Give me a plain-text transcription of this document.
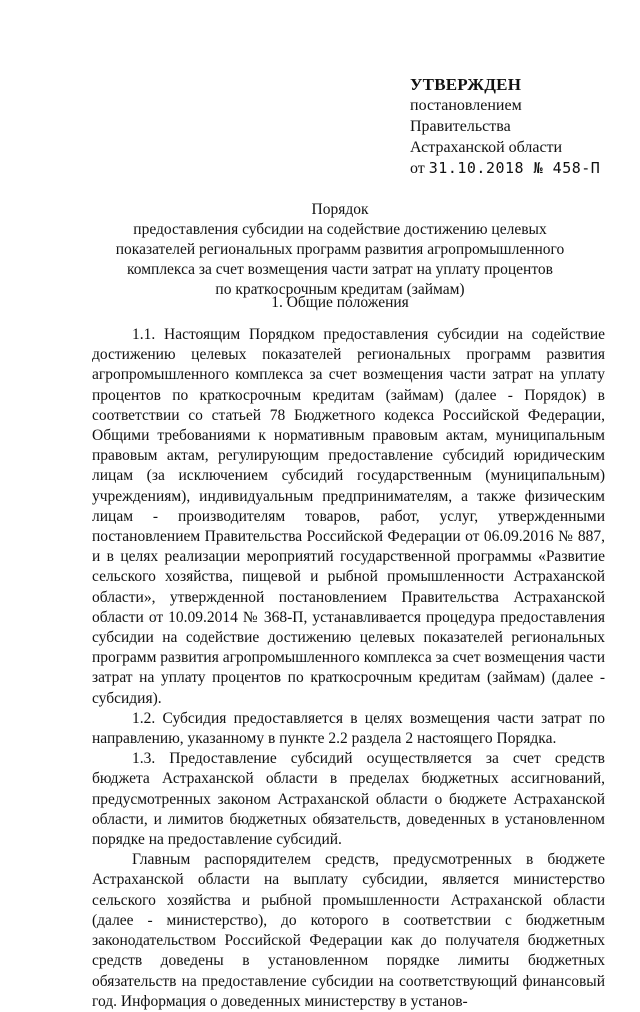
УТВЕРЖДЕН
постановлением
Правительства
Астраханской области
от 31.10.2018 № 458-П
Порядок
предоставления субсидии на содействие достижению целевых
показателей региональных программ развития агропромышленного
комплекса за счет возмещения части затрат на уплату процентов
по краткосрочным кредитам (займам)
1. Общие положения

1.1. Настоящим Порядком предоставления субсидии на содействие достижению целевых показателей региональных программ развития агропромышленного комплекса за счет возмещения части затрат на уплату процентов по краткосрочным кредитам (займам) (далее - Порядок) в соответствии со статьей 78 Бюджетного кодекса Российской Федерации, Общими требованиями к нормативным правовым актам, муниципальным правовым актам, регулирующим предоставление субсидий юридическим лицам (за исключением субсидий государственным (муниципальным) учреждениям), индивидуальным предпринимателям, а также физическим лицам - производителям товаров, работ, услуг, утвержденными постановлением Правительства Российской Федерации от 06.09.2016 № 887, и в целях реализации мероприятий государственной программы «Развитие сельского хозяйства, пищевой и рыбной промышленности Астраханской области», утвержденной постановлением Правительства Астраханской области от 10.09.2014 № 368-П, устанавливается процедура предоставления субсидии на содействие достижению целевых показателей региональных программ развития агропромышленного комплекса за счет возмещения части затрат на уплату процентов по краткосрочным кредитам (займам) (далее - субсидия).

1.2. Субсидия предоставляется в целях возмещения части затрат по направлению, указанному в пункте 2.2 раздела 2 настоящего Порядка.

1.3. Предоставление субсидий осуществляется за счет средств бюджета Астраханской области в пределах бюджетных ассигнований, предусмотренных законом Астраханской области о бюджете Астраханской области, и лимитов бюджетных обязательств, доведенных в установленном порядке на предоставление субсидий.

Главным распорядителем средств, предусмотренных в бюджете Астраханской области на выплату субсидии, является министерство сельского хозяйства и рыбной промышленности Астраханской области (далее - министерство), до которого в соответствии с бюджетным законодательством Российской Федерации как до получателя бюджетных средств доведены в установленном порядке лимиты бюджетных обязательств на предоставление субсидии на соответствующий финансовый год. Информация о доведенных министерству в установ-
